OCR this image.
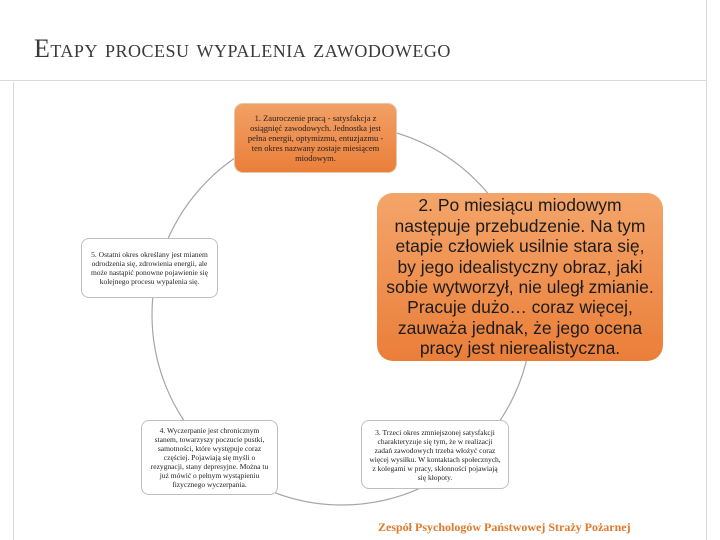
Etapy procesu wypalenia zawodowego
1. Zauroczenie pracą - satysfakcja z osiągnięć zawodowych. Jednostka jest pełna energii, optymizmu, entuzjazmu - ten okres nazwany zostaje miesiącem miodowym.
2. Po miesiącu miodowym następuje przebudzenie. Na tym etapie człowiek usilnie stara się, by jego idealistyczny obraz, jaki sobie wytworzył, nie uległ zmianie. Pracuje dużo… coraz więcej, zauważa jednak, że jego ocena pracy jest nierealistyczna.
3. Trzeci okres zmniejszonej satysfakcji charakteryzuje się tym, że w realizacji zadań zawodowych trzeba włożyć coraz więcej wysiłku. W kontaktach społecznych, z kolegami w pracy, skłonności pojawiają się kłopoty.
4. Wyczerpanie jest chronicznym stanem, towarzyszy poczucie pustki, samotności, które występuje coraz częściej. Pojawiają się myśli o rezygnacji, stany depresyjne. Można tu już mówić o pełnym wystąpieniu fizycznego wyczerpania.
5. Ostatni okres określany jest mianem odrodzenia się, zdrowienia energii, ale może nastąpić ponowne pojawienie się kolejnego procesu wypalenia się.
Zespół Psychologów Państwowej Straży Pożarnej
